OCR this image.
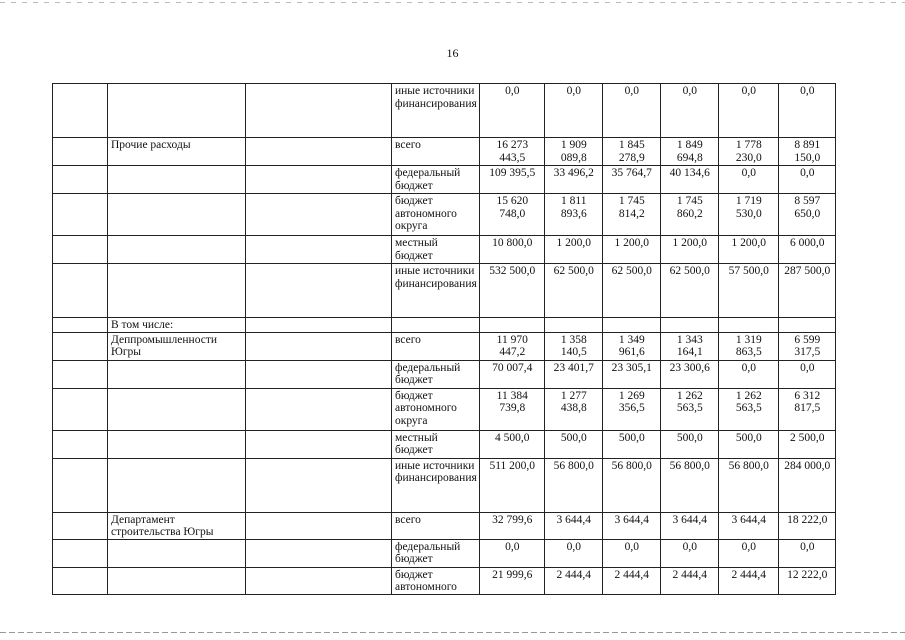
16
			иные источники финансирования	0,0	0,0	0,0	0,0	0,0	0,0
	Прочие расходы		всего	16 273 443,5	1 909 089,8	1 845 278,9	1 849 694,8	1 778 230,0	8 891 150,0
			федеральный бюджет	109 395,5	33 496,2	35 764,7	40 134,6	0,0	0,0
			бюджет автономного округа	15 620 748,0	1 811 893,6	1 745 814,2	1 745 860,2	1 719 530,0	8 597 650,0
			местный бюджет	10 800,0	1 200,0	1 200,0	1 200,0	1 200,0	6 000,0
			иные источники финансирования	532 500,0	62 500,0	62 500,0	62 500,0	57 500,0	287 500,0
	В том числе:								
	Деппромышленности Югры		всего	11 970 447,2	1 358 140,5	1 349 961,6	1 343 164,1	1 319 863,5	6 599 317,5
			федеральный бюджет	70 007,4	23 401,7	23 305,1	23 300,6	0,0	0,0
			бюджет автономного округа	11 384 739,8	1 277 438,8	1 269 356,5	1 262 563,5	1 262 563,5	6 312 817,5
			местный бюджет	4 500,0	500,0	500,0	500,0	500,0	2 500,0
			иные источники финансирования	511 200,0	56 800,0	56 800,0	56 800,0	56 800,0	284 000,0
	Департамент строительства Югры		всего	32 799,6	3 644,4	3 644,4	3 644,4	3 644,4	18 222,0
			федеральный бюджет	0,0	0,0	0,0	0,0	0,0	0,0
			бюджет автономного	21 999,6	2 444,4	2 444,4	2 444,4	2 444,4	12 222,0
